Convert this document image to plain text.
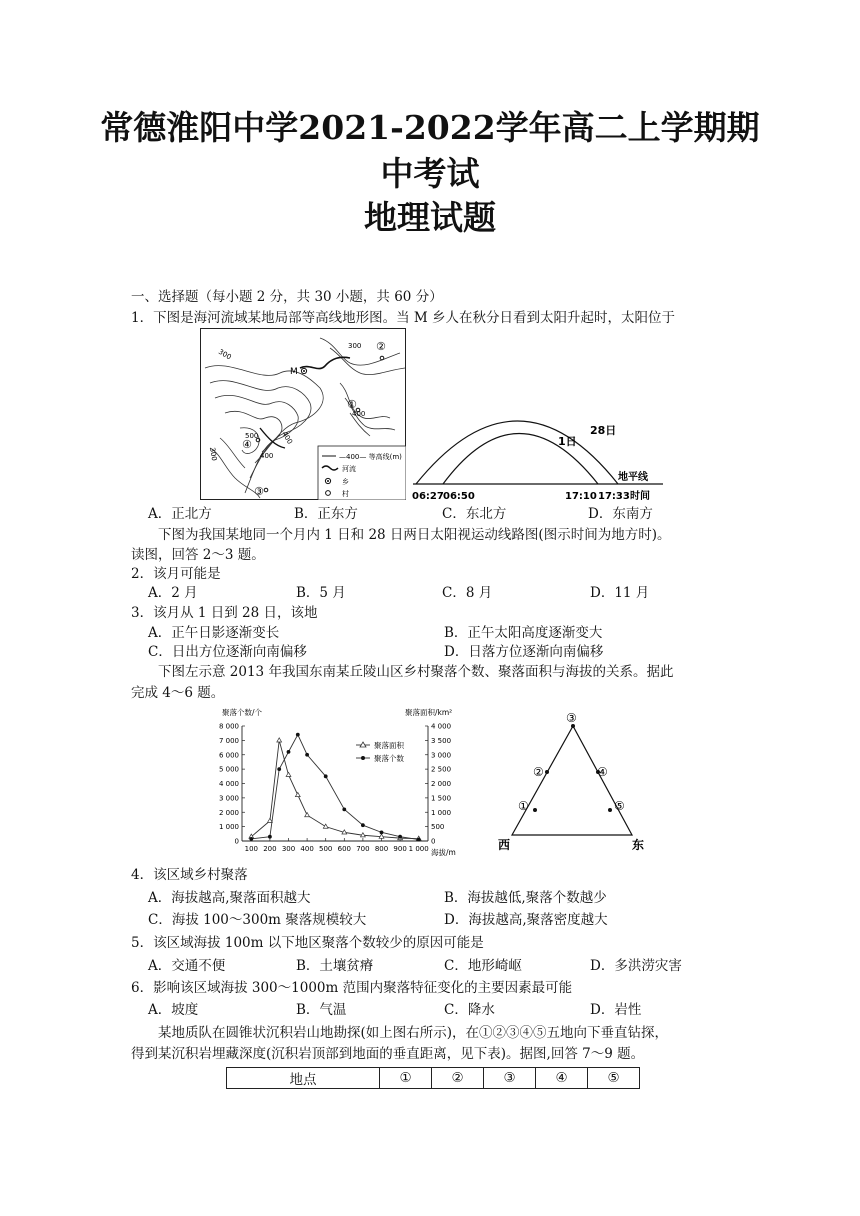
常德淮阳中学2021-2022学年高二上学期期
中考试
地理试题
一、选择题（每小题 2 分，共 30 小题，共 60 分）
1．下图是海河流域某地局部等高线地形图。当 M 乡人在秋分日看到太阳升起时，太阳位于
—400— 等高线(m)
河流
乡
村
300
300
400
400
400
500
300
M
②
①
③
④
28日
1日
地平线
06:27 06:50	17:10 17:33 时间
A．正北方	B．正东方	C．东北方	D．东南方
下图为我国某地同一个月内 1 日和 28 日两日太阳视运动线路图(图示时间为地方时)。
读图，回答 2～3 题。
2．该月可能是
A．2 月	B．5 月	C．8 月	D．11 月
3．该月从 1 日到 28 日，该地
A．正午日影逐渐变长	B．正午太阳高度逐渐变大
C．日出方位逐渐向南偏移	D．日落方位逐渐向南偏移
下图左示意 2013 年我国东南某丘陵山区乡村聚落个数、聚落面积与海拔的关系。据此
完成 4～6 题。
聚落个数/个	聚落面积/km²
海拔/m
0
1 000
2 000
3 000
4 000
5 000
6 000
7 000
8 000
0
500
1 000
1 500
2 000
2 500
3 000
3 500
4 000
100 200 300 400 500 600 700 800 900 1 000
聚落面积
聚落个数
③
②	④
①	⑤
西	东
4．该区域乡村聚落
A．海拔越高,聚落面积越大	B．海拔越低,聚落个数越少
C．海拔 100～300m 聚落规模较大	D．海拔越高,聚落密度越大
5．该区域海拔 100m 以下地区聚落个数较少的原因可能是
A．交通不便	B．土壤贫瘠	C．地形崎岖	D．多洪涝灾害
6．影响该区域海拔 300～1000m 范围内聚落特征变化的主要因素最可能
A．坡度	B．气温	C．降水	D．岩性
某地质队在圆锥状沉积岩山地勘探(如上图右所示)，在①②③④⑤五地向下垂直钻探，
得到某沉积岩埋藏深度(沉积岩顶部到地面的垂直距离，见下表)。据图,回答 7～9 题。
地点	①	②	③	④	⑤
